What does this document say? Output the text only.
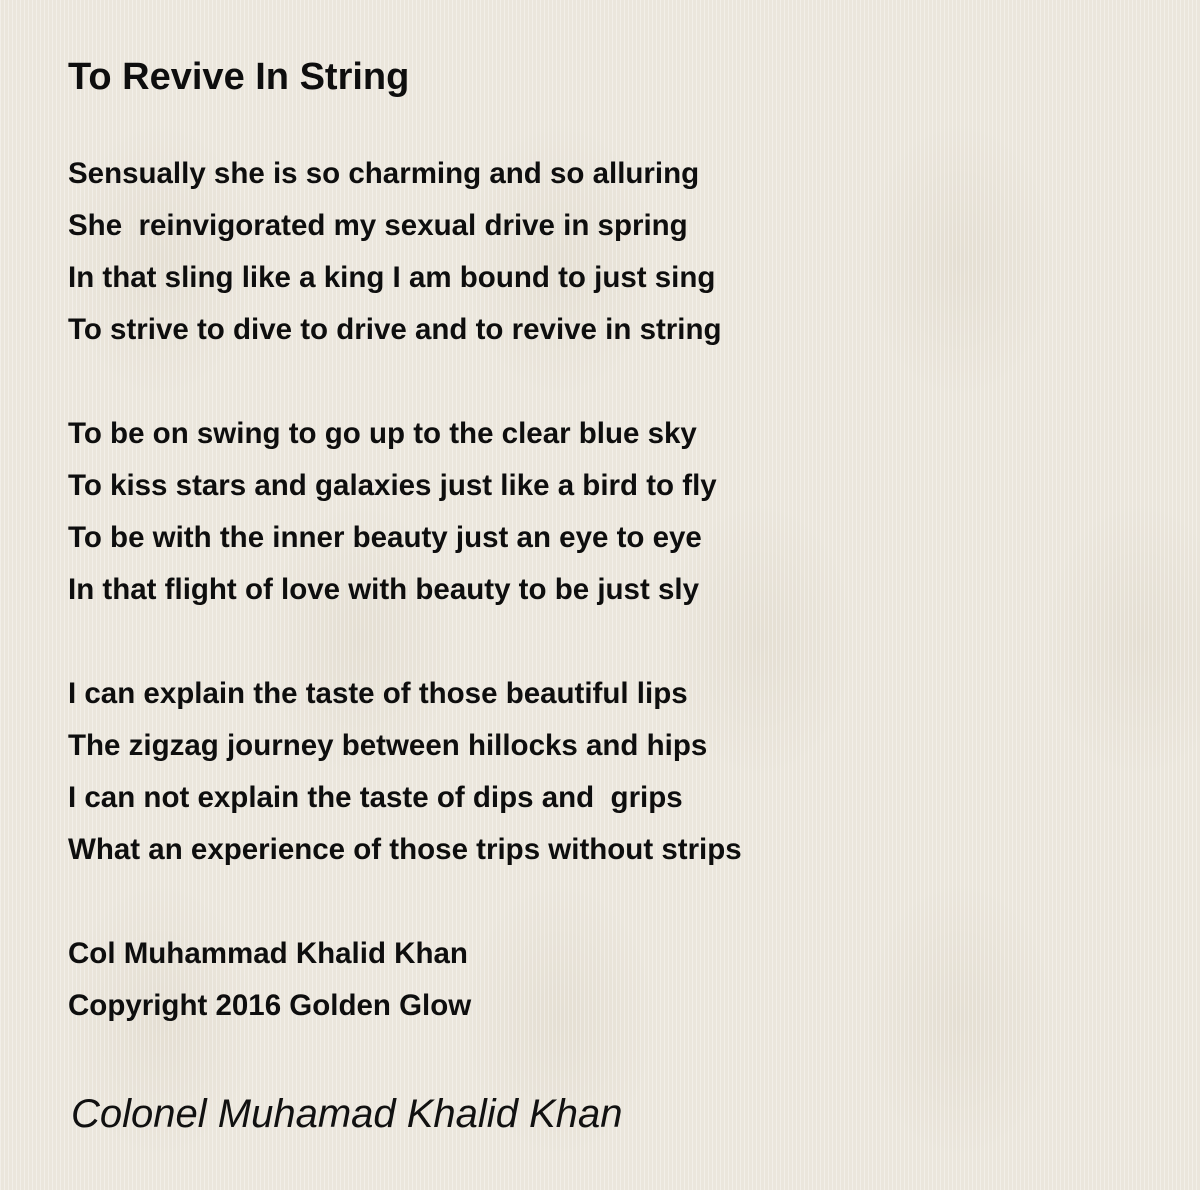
To Revive In String
Sensually she is so charming and so alluring
She  reinvigorated my sexual drive in spring
In that sling like a king I am bound to just sing
To strive to dive to drive and to revive in string
To be on swing to go up to the clear blue sky
To kiss stars and galaxies just like a bird to fly
To be with the inner beauty just an eye to eye
In that flight of love with beauty to be just sly
I can explain the taste of those beautiful lips
The zigzag journey between hillocks and hips
I can not explain the taste of dips and  grips
What an experience of those trips without strips
Col Muhammad Khalid Khan
Copyright 2016 Golden Glow

Colonel Muhamad Khalid Khan
